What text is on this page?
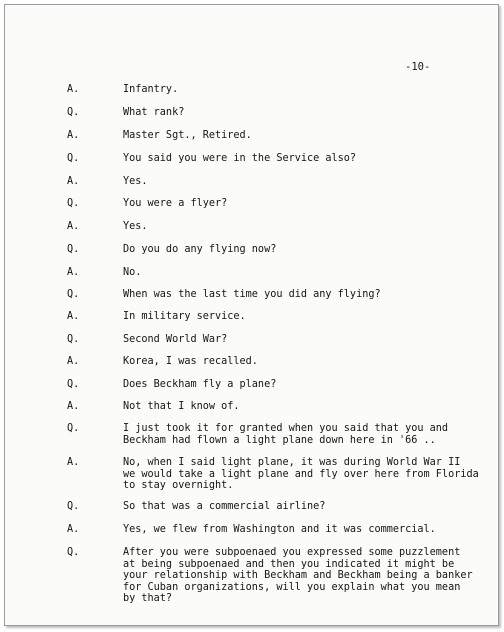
-10-
A.	Infantry.
Q.	What rank?
A.	Master Sgt., Retired.
Q.	You said you were in the Service also?
A.	Yes.
Q.	You were a flyer?
A.	Yes.
Q.	Do you do any flying now?
A.	No.
Q.	When was the last time you did any flying?
A.	In military service.
Q.	Second World War?
A.	Korea, I was recalled.
Q.	Does Beckham fly a plane?
A.	Not that I know of.
Q.	I just took it for granted when you said that you and
Beckham had flown a light plane down here in '66 ..
A.	No, when I said light plane, it was during World War II
we would take a light plane and fly over here from Florida
to stay overnight.
Q.	So that was a commercial airline?
A.	Yes, we flew from Washington and it was commercial.
Q.	After you were subpoenaed you expressed some puzzlement
at being subpoenaed and then you indicated it might be
your relationship with Beckham and Beckham being a banker
for Cuban organizations, will you explain what you mean
by that?
